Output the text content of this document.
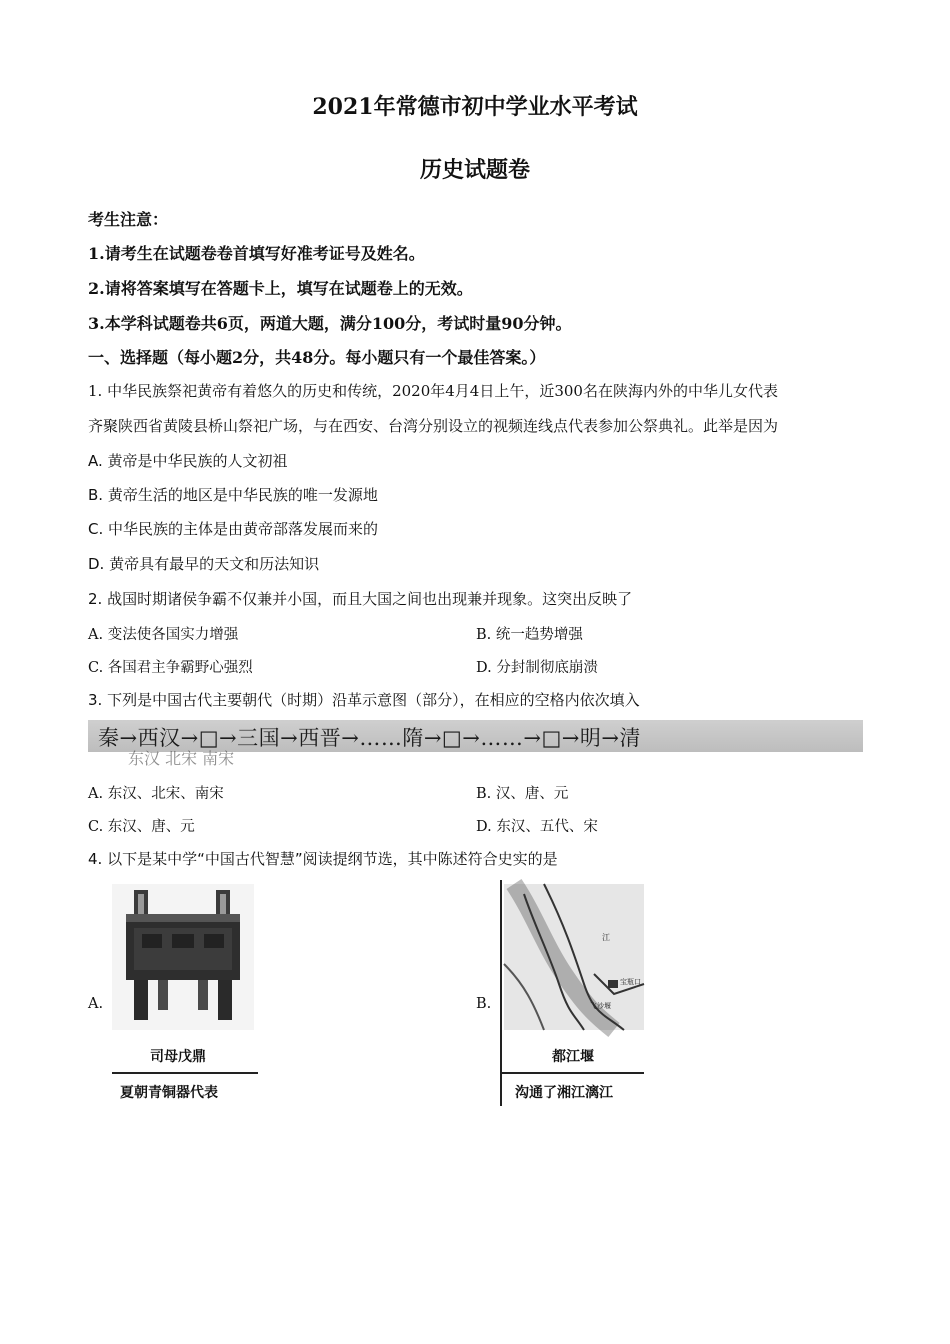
2021年常德市初中学业水平考试
历史试题卷
考生注意：
1.请考生在试题卷卷首填写好准考证号及姓名。
2.请将答案填写在答题卡上，填写在试题卷上的无效。
3.本学科试题卷共6页，两道大题，满分100分，考试时量90分钟。
一、选择题（每小题2分，共48分。每小题只有一个最佳答案。）
1. 中华民族祭祀黄帝有着悠久的历史和传统，2020年4月4日上午，近300名在陕海内外的中华儿女代表
齐聚陕西省黄陵县桥山祭祀广场，与在西安、台湾分别设立的视频连线点代表参加公祭典礼。此举是因为
A. 黄帝是中华民族的人文初祖
B. 黄帝生活的地区是中华民族的唯一发源地
C. 中华民族的主体是由黄帝部落发展而来的
D. 黄帝具有最早的天文和历法知识
2. 战国时期诸侯争霸不仅兼并小国，而且大国之间也出现兼并现象。这突出反映了
A. 变法使各国实力增强	B. 统一趋势增强
C. 各国君主争霸野心强烈	D. 分封制彻底崩溃
3. 下列是中国古代主要朝代（时期）沿革示意图（部分），在相应的空格内依次填入
秦→西汉→□→三国→西晋→……隋→□→……→□→明→清
东汉 北宋 南宋
A. 东汉、北宋、南宋	B. 汉、唐、元
C. 东汉、唐、元	D. 东汉、五代、宋
4. 以下是某中学“中国古代智慧”阅读提纲节选，其中陈述符合史实的是
A.
司母戊鼎
夏朝青铜器代表
B.
宝瓶口
飞沙堰
江
都江堰
沟通了湘江漓江
